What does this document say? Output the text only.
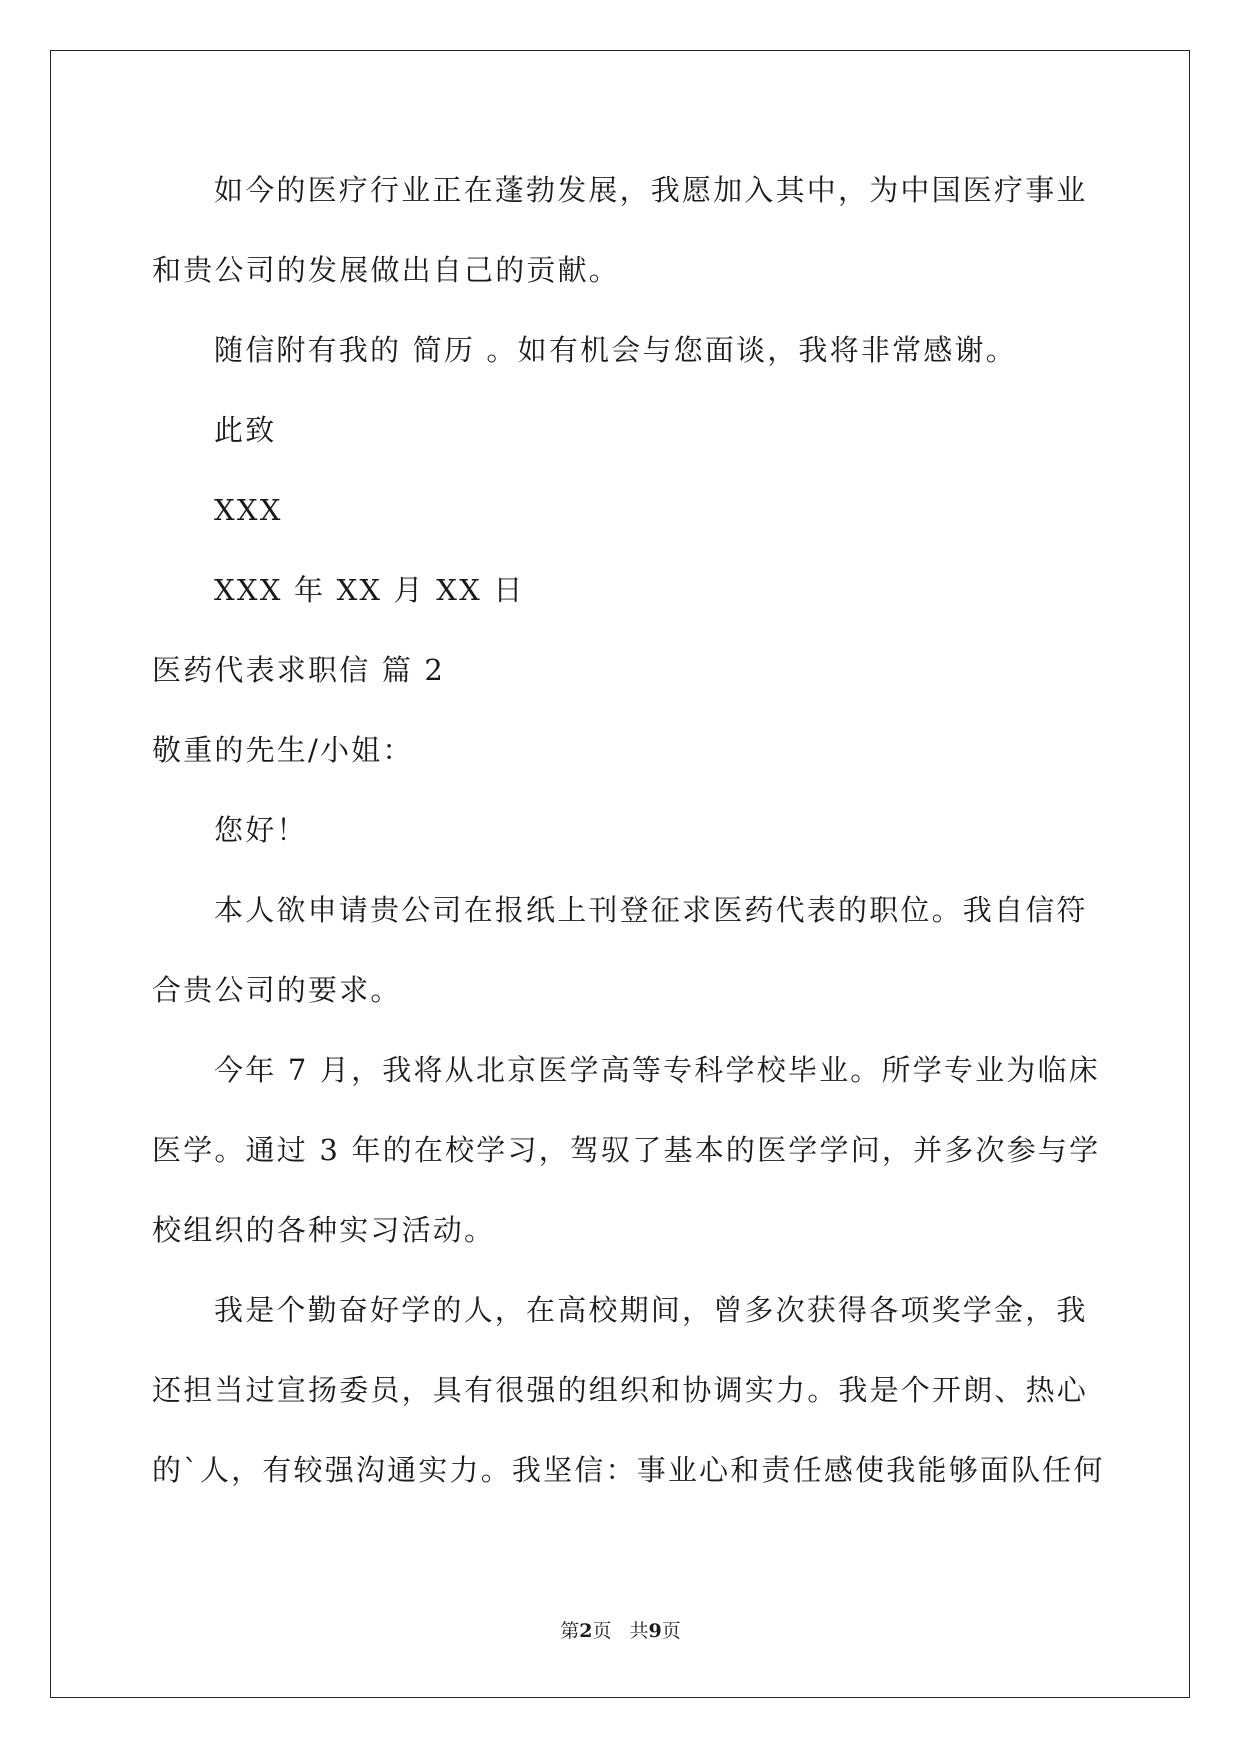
如今的医疗行业正在蓬勃发展，我愿加入其中，为中国医疗事业
和贵公司的发展做出自己的贡献。
随信附有我的 简历 。如有机会与您面谈，我将非常感谢。
此致
XXX
XXX 年 XX 月 XX 日
医药代表求职信 篇 2
敬重的先生/小姐：
您好！
本人欲申请贵公司在报纸上刊登征求医药代表的职位。我自信符
合贵公司的要求。
今年 7 月，我将从北京医学高等专科学校毕业。所学专业为临床
医学。通过 3 年的在校学习，驾驭了基本的医学学问，并多次参与学
校组织的各种实习活动。
我是个勤奋好学的人，在高校期间，曾多次获得各项奖学金，我
还担当过宣扬委员，具有很强的组织和协调实力。我是个开朗、热心
的`人，有较强沟通实力。我坚信：事业心和责任感使我能够面队任何
第2页 共9页
